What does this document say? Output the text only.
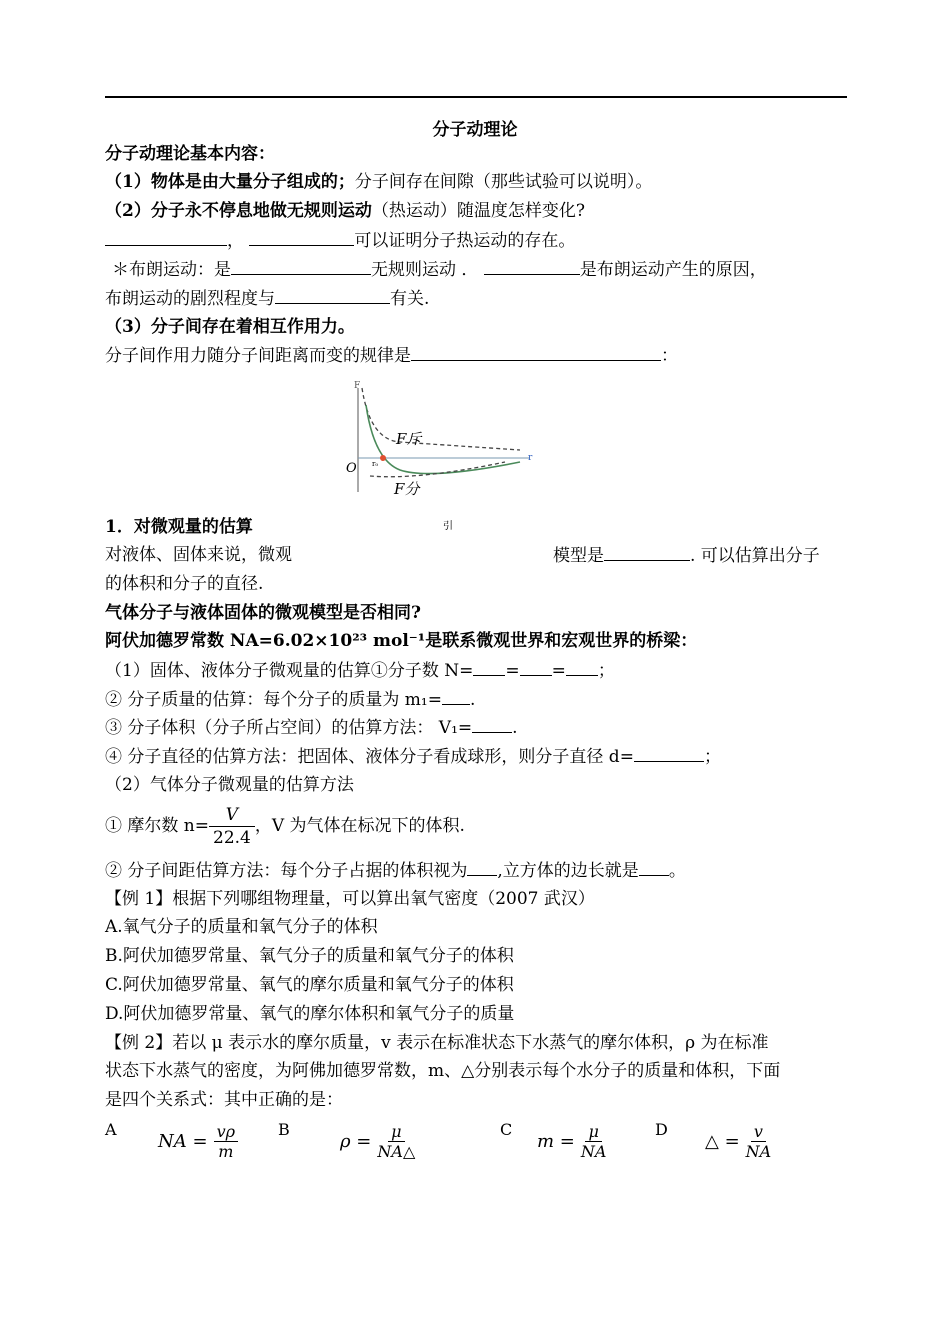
分子动理论
分子动理论基本内容：
（1）物体是由大量分子组成的；分子间存在间隙（那些试验可以说明）。
（2）分子永不停息地做无规则运动（热运动）随温度怎样变化?
，	可以证明分子热运动的存在。
＊布朗运动：是	无规则运动 ．	是布朗运动产生的原因，
布朗运动的剧烈程度与	有关.
（3）分子间存在着相互作用力。
分子间作用力随分子间距离而变的规律是	：
F
O r₀
r
F斥
F分
1．对微观量的估算	引
对液体、固体来说，微观	模型是	. 可以估算出分子
的体积和分子的直径.
气体分子与液体固体的微观模型是否相同?
阿伏加德罗常数 NA=6.02×10²³ mol⁻¹是联系微观世界和宏观世界的桥梁：
（1）固体、液体分子微观量的估算①分子数 N= = = ；
② 分子质量的估算：每个分子的质量为 m₁= .
③ 分子体积（分子所占空间）的估算方法： V₁= .
④ 分子直径的估算方法：把固体、液体分子看成球形，则分子直径 d=	；
（2）气体分子微观量的估算方法
① 摩尔数 $n= \frac{V}{22.4}$ ，V 为气体在标况下的体积.
② 分子间距估算方法：每个分子占据的体积视为 ,立方体的边长就是 。
【例 1】根据下列哪组物理量，可以算出氧气密度（2007 武汉）
A.氧气分子的质量和氧气分子的体积
B.阿伏加德罗常量、氧气分子的质量和氧气分子的体积
C.阿伏加德罗常量、氧气的摩尔质量和氧气分子的体积
D.阿伏加德罗常量、氧气的摩尔体积和氧气分子的质量
【例 2】若以 μ 表示水的摩尔质量，v 表示在标准状态下水蒸气的摩尔体积，ρ 为在标准
状态下水蒸气的密度，为阿佛加德罗常数，m、△分别表示每个水分子的质量和体积，下面
是四个关系式：其中正确的是：
A
NA = $\frac{v\rho}{m}$ B
$\rho = \frac{\mu}{NA\triangle}$	C
$m = \frac{\mu}{NA}$	D
△ = $\frac{v}{NA}$
